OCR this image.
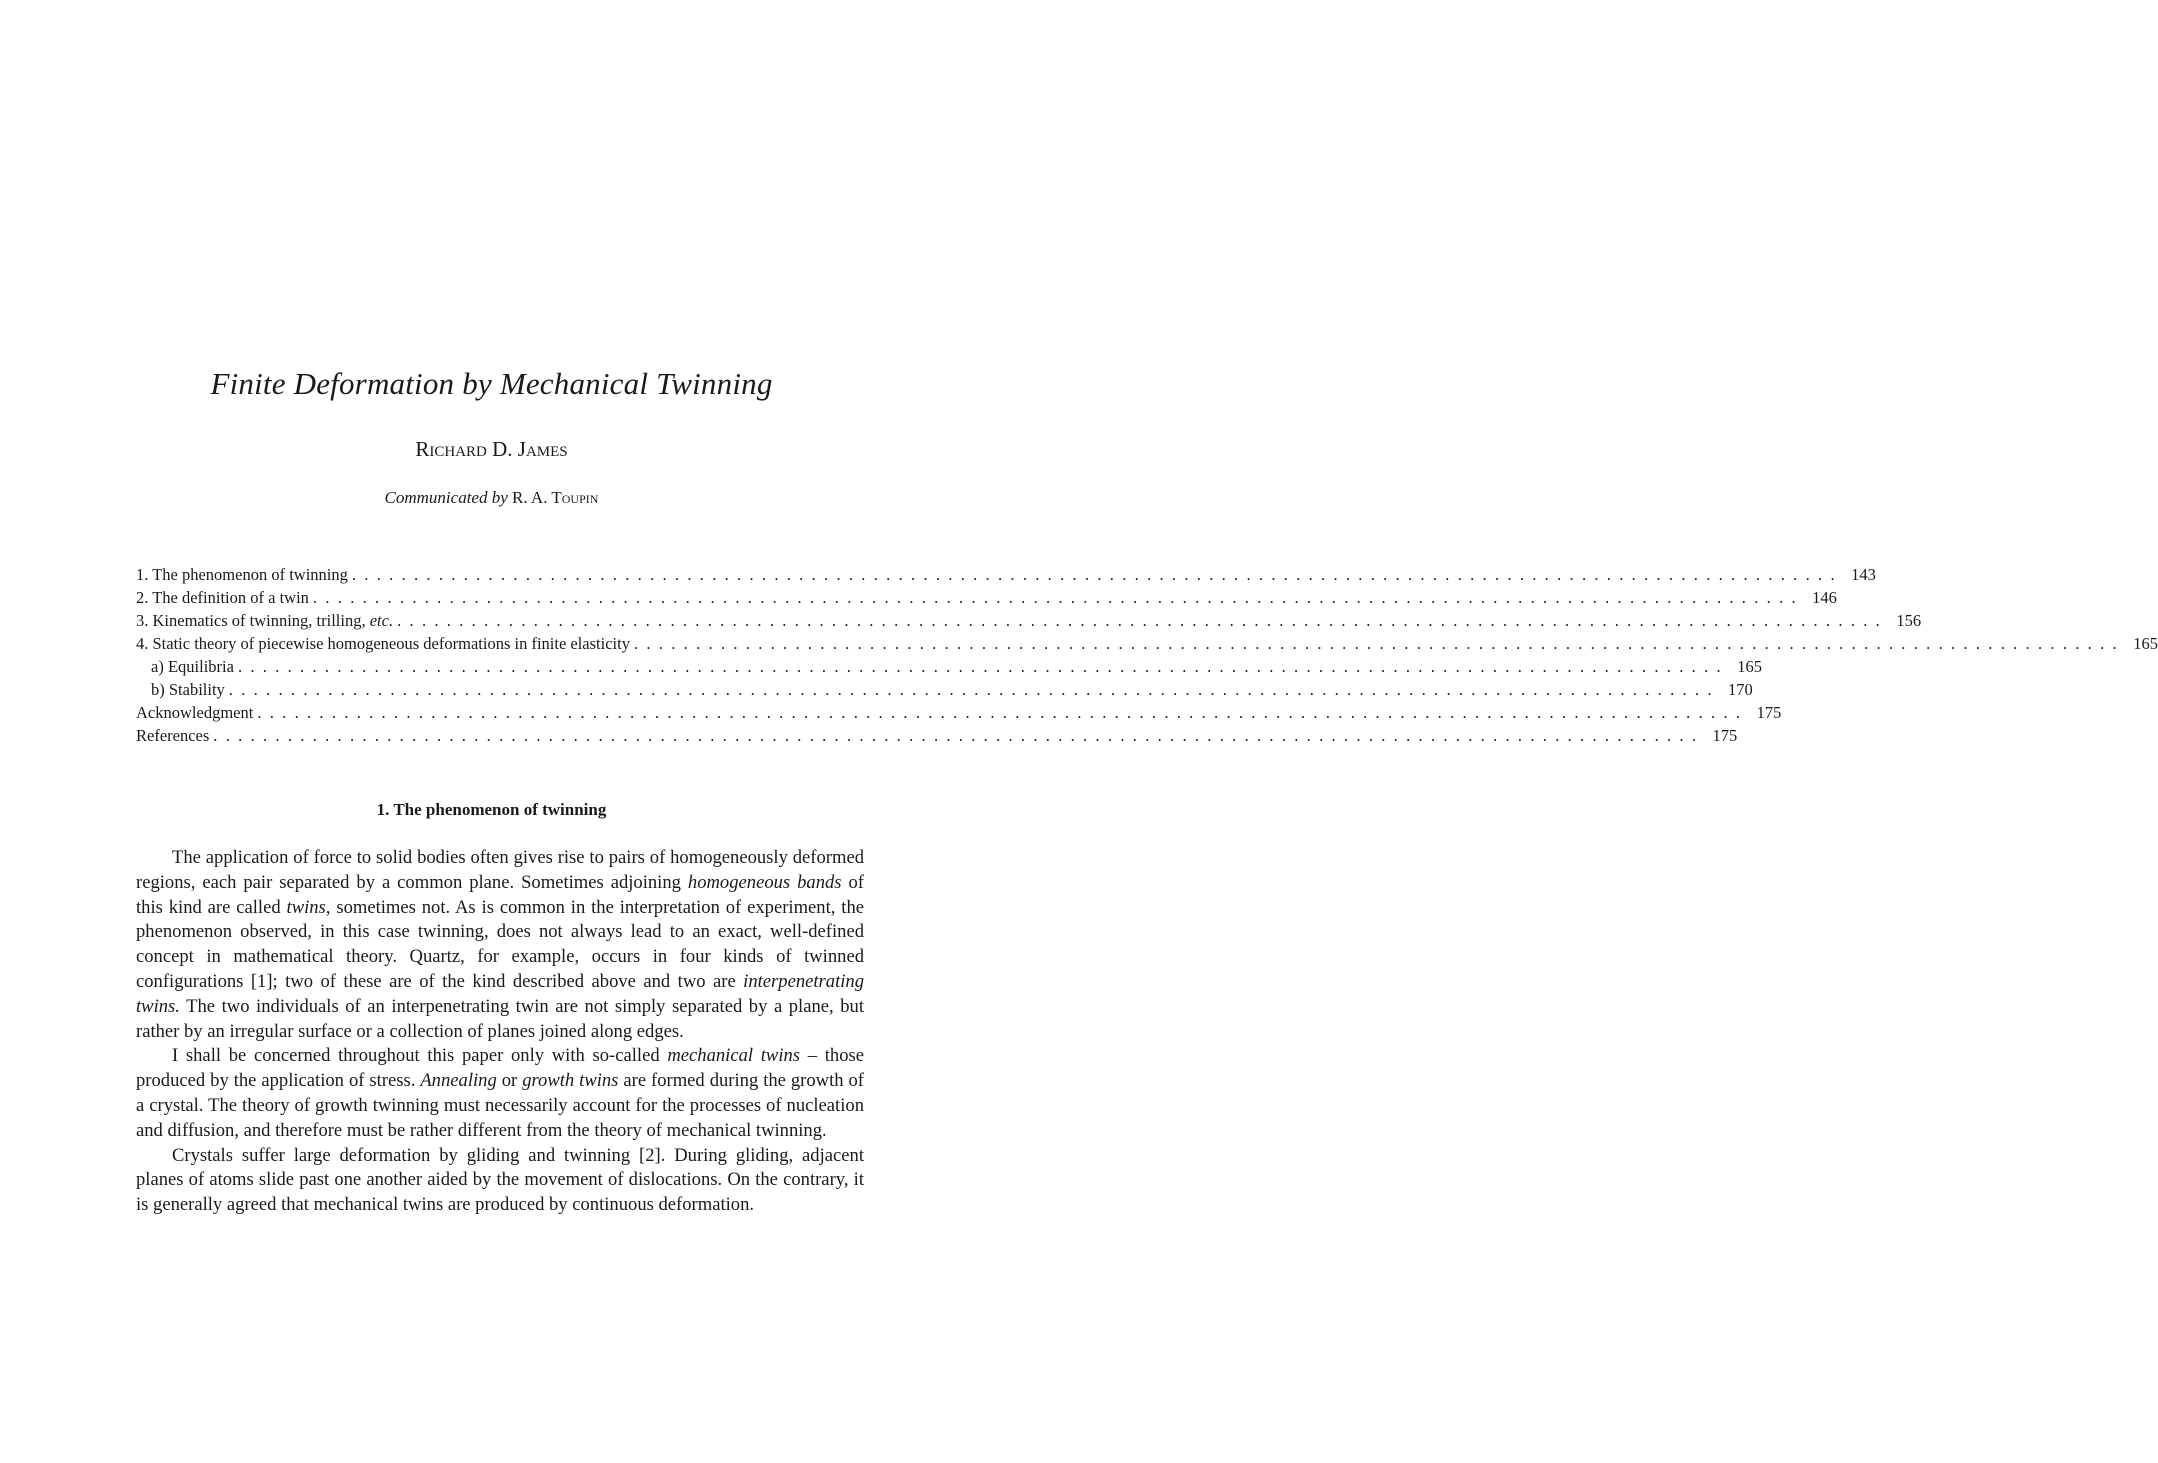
Finite Deformation by Mechanical Twinning
Richard D. James
Communicated by R. A. Toupin
1. The phenomenon of twinning ........................................................................................................................ 143
2. The definition of a twin ........................................................................................................................ 146
3. Kinematics of twinning, trilling, etc. ........................................................................................................................ 156
4. Static theory of piecewise homogeneous deformations in finite elasticity ........................................................................................................................ 165
a) Equilibria ........................................................................................................................ 165
b) Stability ........................................................................................................................ 170
Acknowledgment ........................................................................................................................ 175
References ........................................................................................................................ 175
1. The phenomenon of twinning

The application of force to solid bodies often gives rise to pairs of homogeneously deformed regions, each pair separated by a common plane. Sometimes adjoining homogeneous bands of this kind are called twins, sometimes not. As is common in the interpretation of experiment, the phenomenon observed, in this case twinning, does not always lead to an exact, well-defined concept in mathematical theory. Quartz, for example, occurs in four kinds of twinned configurations [1]; two of these are of the kind described above and two are interpenetrating twins. The two individuals of an interpenetrating twin are not simply separated by a plane, but rather by an irregular surface or a collection of planes joined along edges.

I shall be concerned throughout this paper only with so-called mechanical twins – those produced by the application of stress. Annealing or growth twins are formed during the growth of a crystal. The theory of growth twinning must necessarily account for the processes of nucleation and diffusion, and therefore must be rather different from the theory of mechanical twinning.

Crystals suffer large deformation by gliding and twinning [2]. During gliding, adjacent planes of atoms slide past one another aided by the movement of dislocations. On the contrary, it is generally agreed that mechanical twins are produced by continuous deformation.
